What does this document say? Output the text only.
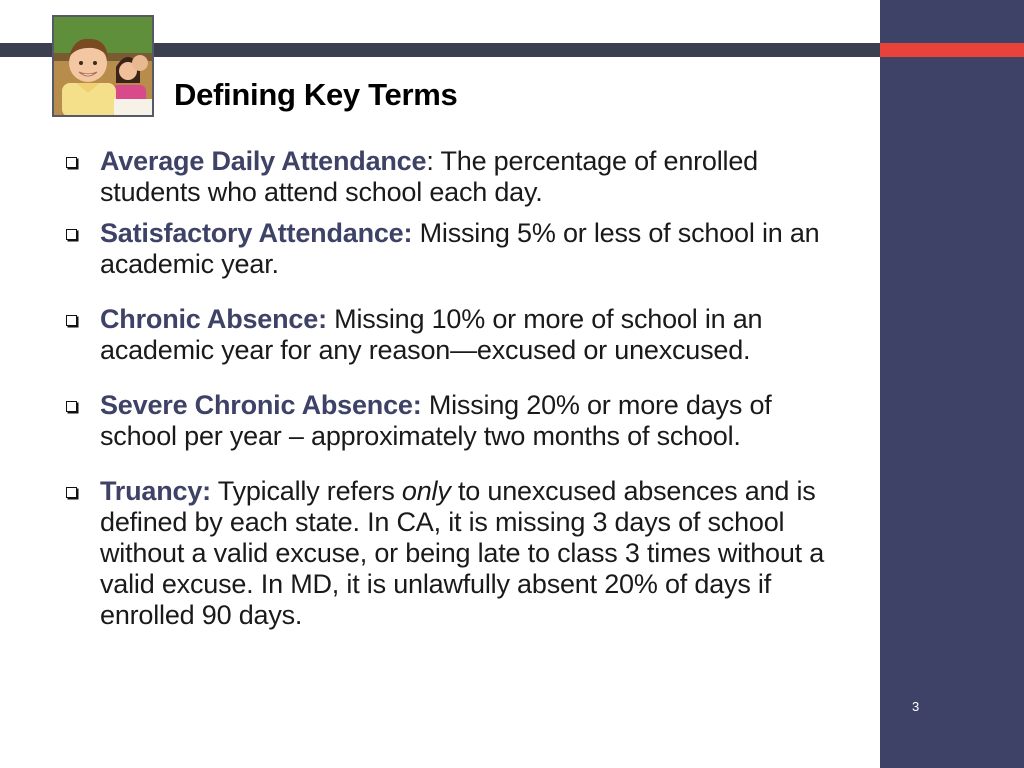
Defining Key Terms
Average Daily Attendance: The percentage of enrolled students who attend school each day.
Satisfactory Attendance: Missing 5% or less of school in an academic year.
Chronic Absence: Missing 10% or more of school in an academic year for any reason—excused or unexcused.
Severe Chronic Absence: Missing 20% or more days of school per year – approximately two months of school.
Truancy: Typically refers only to unexcused absences and is defined by each state. In CA, it is missing 3 days of school without a valid excuse, or being late to class 3 times without a valid excuse. In MD, it is unlawfully absent 20% of days if enrolled 90 days.
3
